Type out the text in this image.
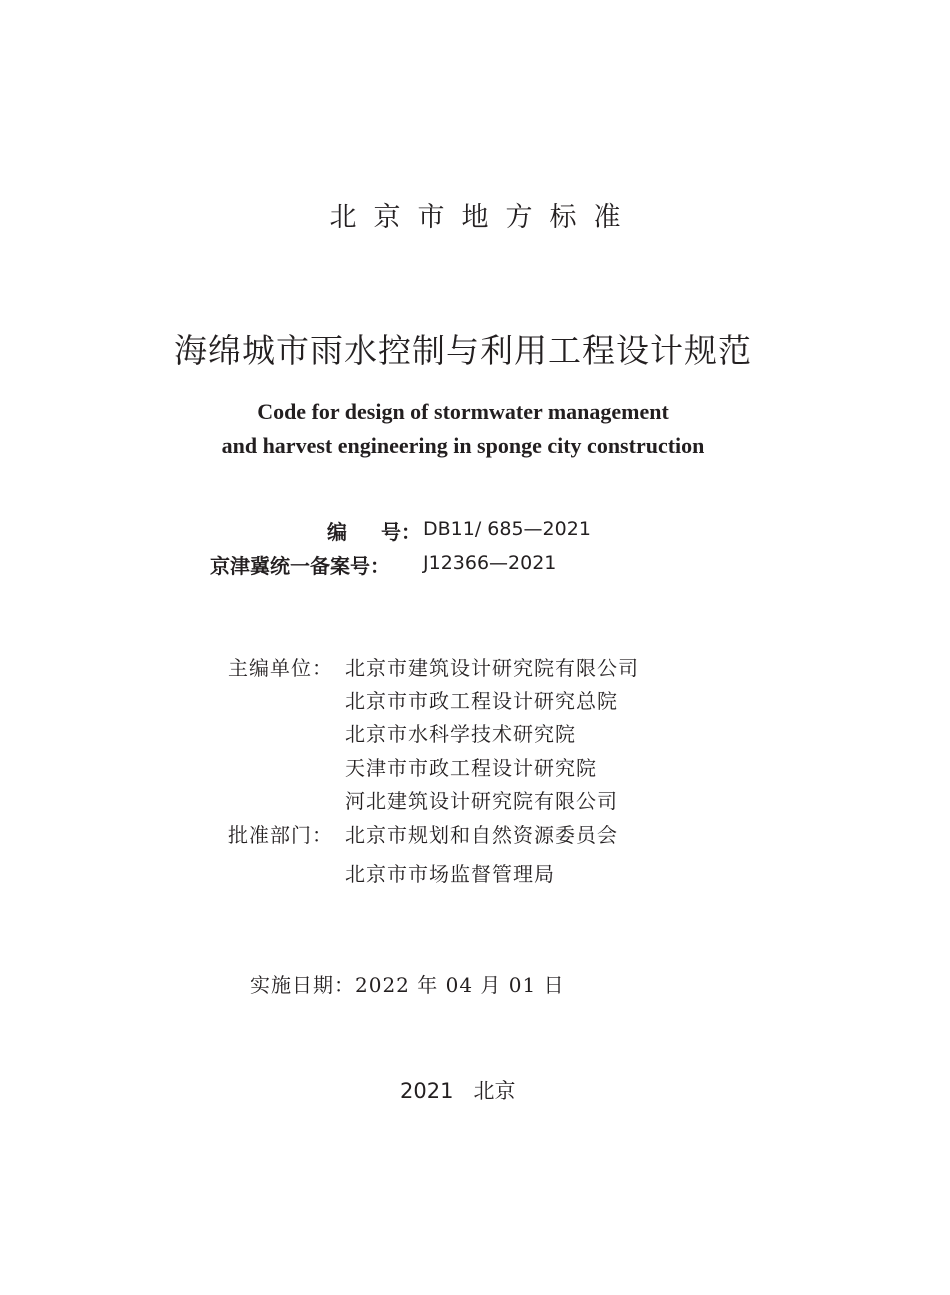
北京市地方标准
海绵城市雨水控制与利用工程设计规范
Code for design of stormwater management
and harvest engineering in sponge city construction
编 号： DB11/ 685—2021
京津冀统一备案号： J12366—2021
主编单位： 北京市建筑设计研究院有限公司
北京市市政工程设计研究总院
北京市水科学技术研究院
天津市市政工程设计研究院
河北建筑设计研究院有限公司
批准部门： 北京市规划和自然资源委员会
北京市市场监督管理局
实施日期：2022 年 04 月 01 日
2021 北京
